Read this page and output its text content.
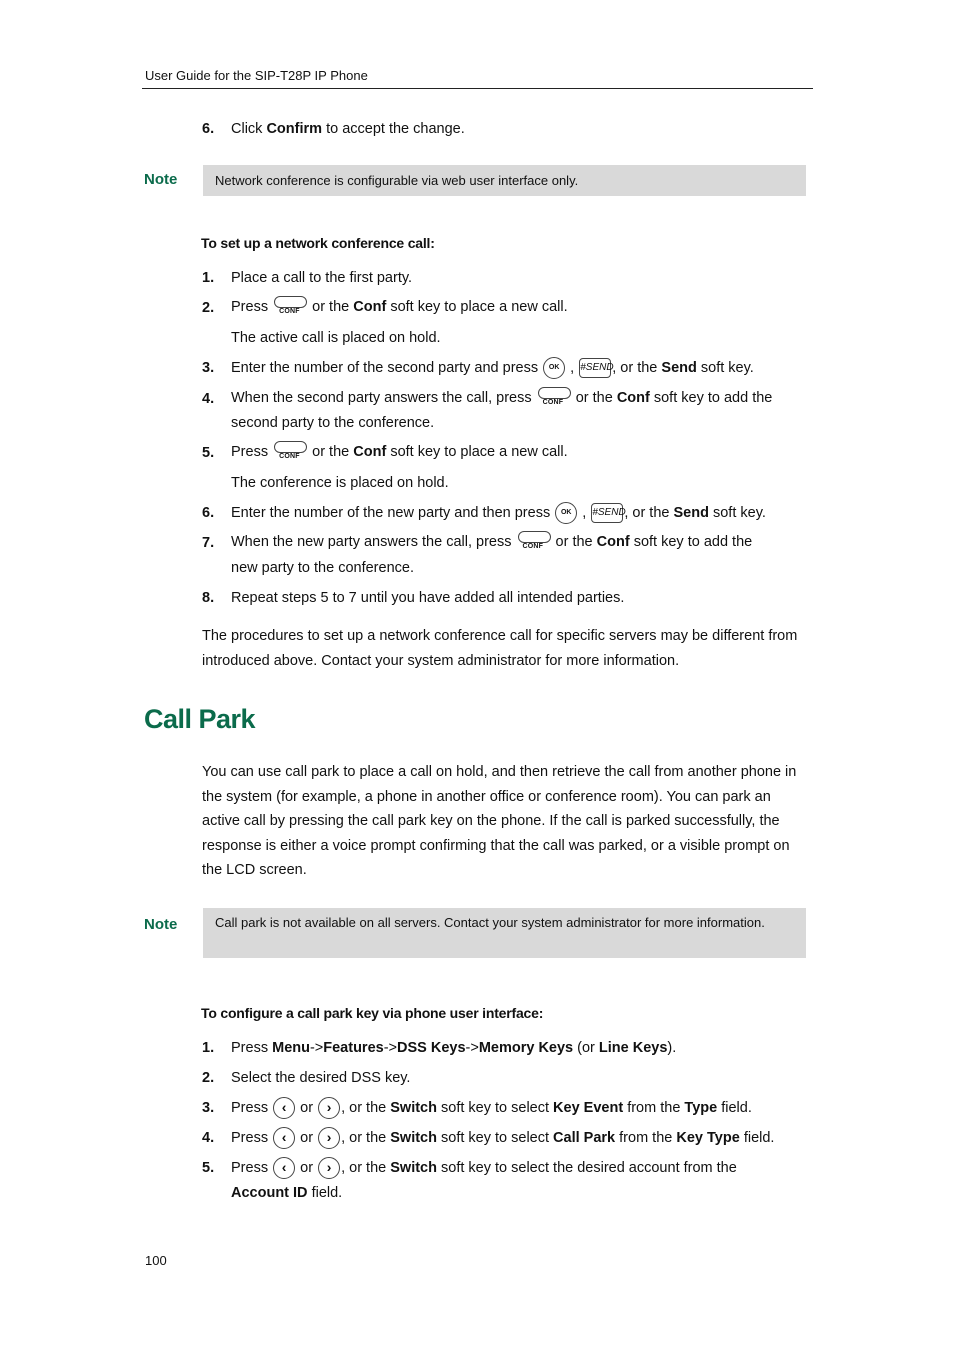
User Guide for the SIP-T28P IP Phone
6. Click Confirm to accept the change.
Note	Network conference is configurable via web user interface only.
To set up a network conference call:
1. Place a call to the first party.
2. Press CONF or the Conf soft key to place a new call.
The active call is placed on hold.
3. Enter the number of the second party and press OK , #SEND, or the Send soft key.
4. When the second party answers the call, press CONF or the Conf soft key to add the
second party to the conference.
5. Press CONF or the Conf soft key to place a new call.
The conference is placed on hold.
6. Enter the number of the new party and then press OK , #SEND, or the Send soft key.
7. When the new party answers the call, press CONF or the Conf soft key to add the
new party to the conference.
8. Repeat steps 5 to 7 until you have added all intended parties.
The procedures to set up a network conference call for specific servers may be different from introduced above. Contact your system administrator for more information.
Call Park
You can use call park to place a call on hold, and then retrieve the call from another phone in the system (for example, a phone in another office or conference room). You can park an active call by pressing the call park key on the phone. If the call is parked successfully, the response is either a voice prompt confirming that the call was parked, or a visible prompt on the LCD screen.
Note	Call park is not available on all servers. Contact your system administrator for more information.
To configure a call park key via phone user interface:
1. Press Menu->Features->DSS Keys->Memory Keys (or Line Keys).
2. Select the desired DSS key.
3. Press ‹ or › , or the Switch soft key to select Key Event from the Type field.
4. Press ‹ or › , or the Switch soft key to select Call Park from the Key Type field.
5. Press ‹ or › , or the Switch soft key to select the desired account from the
Account ID field.
100
